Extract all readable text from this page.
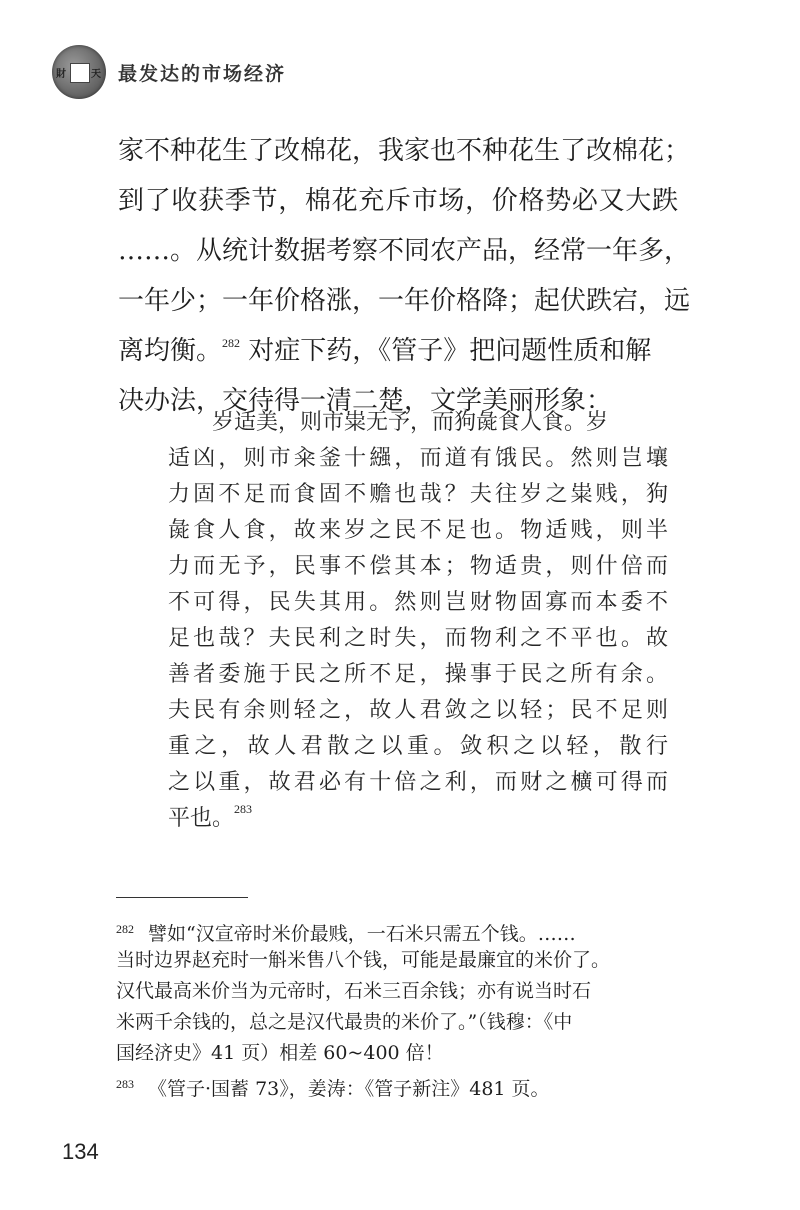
財	天 最发达的市场经济
家不种花生了改棉花，我家也不种花生了改棉花；
到了收获季节，棉花充斥市场，价格势必又大跌
……。从统计数据考察不同农产品，经常一年多，
一年少；一年价格涨，一年价格降；起伏跌宕，远
离均衡。$^{282}$ 对症下药，《管子》把问题性质和解
决办法，交待得一清二楚，文学美丽形象：
岁适美，则市粜无予，而狗彘食人食。岁
适凶，则市籴釜十繦，而道有饿民。然则岂壤
力固不足而食固不赡也哉？夫往岁之粜贱，狗
彘食人食，故来岁之民不足也。物适贱，则半
力而无予，民事不偿其本；物适贵，则什倍而
不可得，民失其用。然则岂财物固寡而本委不
足也哉？夫民利之时失，而物利之不平也。故
善者委施于民之所不足，操事于民之所有余。
夫民有余则轻之，故人君敛之以轻；民不足则
重之，故人君散之以重。敛积之以轻，散行
之以重，故君必有十倍之利，而财之櫎可得而
平也。$^{283}$
$^{282}$ 譬如“汉宣帝时米价最贱，一石米只需五个钱。……
当时边界赵充时一斛米售八个钱，可能是最廉宜的米价了。
汉代最高米价当为元帝时，石米三百余钱；亦有说当时石
米两千余钱的，总之是汉代最贵的米价了。”（钱穆：《中
国经济史》41 页）相差 60~400 倍！
$^{283}$ 《管子·国蓄 73》，姜涛：《管子新注》481 页。
134
